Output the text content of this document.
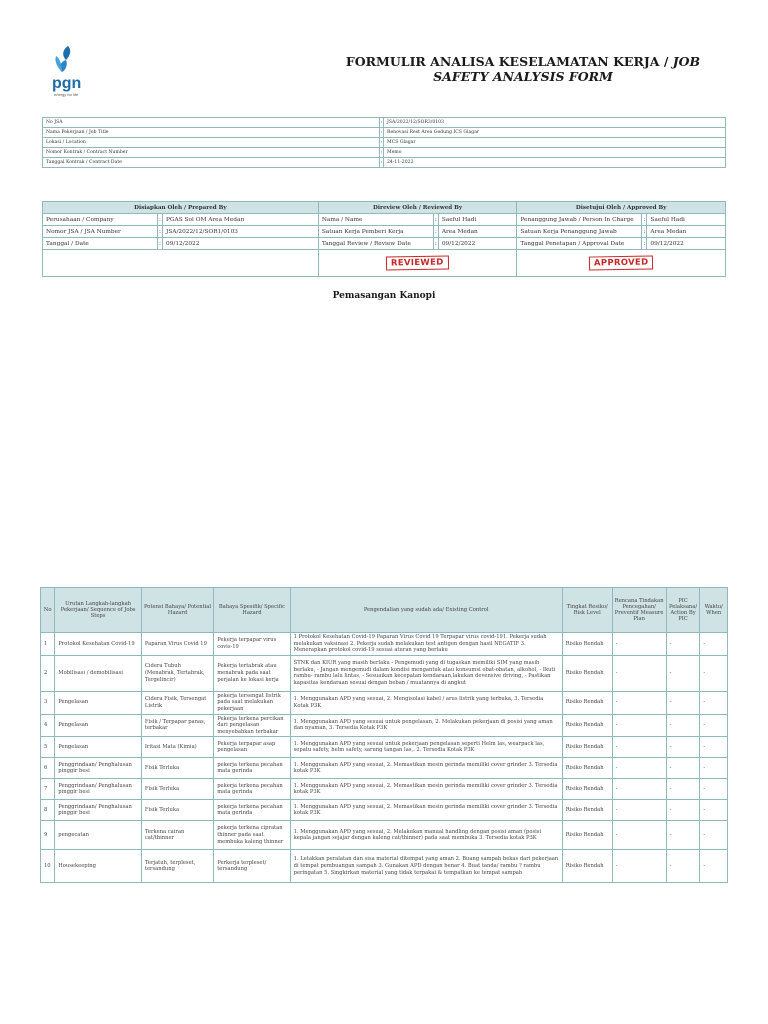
pgn
energy for life
FORMULIR ANALISA KESELAMATAN KERJA / JOB SAFETY ANALYSIS FORM
No JSA	:	JSA/2022/12/SOR3/0103
Nama Pekerjaan / Job Title	:	Renovasi Rest Area Gedung ICS Glagar
Lokasi / Location	:	MCS Glagar
Nomor Kontrak / Contract Number	:	Memo
Tanggal Kontrak / Contract Date	:	24-11-2022
Disiapkan Oleh / Prepared By			Direview Oleh / Reviewed By			Disetujui Oleh / Approved By		
Perusahaan / Company	:	PGAS Sol OM Area Medan	Nama / Name	:	Saeful Hadi	Penanggung Jawab / Person In Charge	:	Saeful Hadi
Nomor JSA / JSA Number	:	JSA/2022/12/SOR1/0103	Satuan Kerja Pemberi Kerja	:	Area Medan	Satuan Kerja Penanggung Jawab	:	Area Medan
Tanggal / Date	:	09/12/2022	Tanggal Review / Review Date	:	09/12/2022	Tanggal Penetapan / Approval Date	:	09/12/2022
			REVIEWED			APPROVED		
Pemasangan Kanopi
No	Urutan Langkah-langkah Pekerjaan/ Sequence of Jobs Steps	Potensi Bahaya/ Potential Hazard	Bahaya Spesifik/ Specific Hazard	Pengendalian yang sudah ada/ Existing Control	Tingkat Resiko/ Risk Level	Rencana Tindakan Pencegahan/ Preventif Measure Plan	PIC Pelaksana/ Action By PIC	Waktu/ When
1	Protokol Kesehatan Covid-19	Paparan Virus Covid 19	Pekerja terpapar virus covis-19	1 Protokol Kesehatan Covid-19 Paparan Virus Covid 19 Terpapar virus covid-191. Pekerja sudah melakukan vaksinasi 2. Pekerja sudah melakukan test antigen dengan hasil NEGATIF 3. Menerapkan protokol covid-19 sesuai aturan yang berlaku	Risiko Rendah	-	-	-
2	Mobilisasi / demobilisasi	Cidera Tubuh (Menabrak, Tertabrak, Tergelincir)	Pekerja tertabrak atau menabrak pada saat perjalan ke lokasi kerja	STNK dan KIUR yang masih berlaku - Pengemudi yang di tugaskan memiliki SIM yang masih berlaku, - Jangan mengemudi dalam kondisi mengantuk atau konsumsi obat-obatan, alkohol, - Ikuti rambu- rambu lalu lintas, - Sesuaikan kecepatan kendaraan,lakukan devensive driving, - Pastikan kapasitas kendaraan sesuai dengan beban / muatannya di angkut	Risiko Rendah	-	-	-
3	Pengelasan	Cidera Fisik, Tersengat Listrik	pekerja tersengat listrik pada saat melakukan pekerjaan	1. Menggunakan APD yang sesuai, 2. Mengisolasi kabel / arus listrik yang terbuka, 3. Tersedia Kotak P3K	Risiko Rendah	-	-	-
4	Pengelasan	Fisik / Terpapar panas, terbakar	Pekerja terkena percikan dari pengelasan menyebabkan terbakar	1. Menggunakan APD yang sesuai untuk pengelasan, 2. Melakukan pekerjaan di posisi yang aman dan nyaman, 3. Tersedia Kotak P3K	Risiko Rendah	-	-	-
5	Pengelasan	Iritasi Mata (Kimia)	Pekerja terpapar asap pengelasan	1. Menggunakan APD yang sesuai untuk pekerjaan pengelasan seperti Helm las, wearpack las, sepatu safety, helm safety, sarung tangan las,. 2. Tersedia Kotak P3K	Risiko Rendah	-	-	-
6	Penggrindaan/ Penghalusan pinggir besi	Fisik Terluka	pekerja terkena pecahan mata gerinda	1. Menggunakan APD yang sesuai, 2. Memastikan mesin gerinda memiliki cover grinder 3. Tersedia kotak P3K	Risiko Rendah	-	-	-
7	Penggrindaan/ Penghalusan pinggir besi	Fisik Terluka	pekerja terkena pecahan mata gerinda	1. Menggunakan APD yang sesuai, 2. Memastikan mesin gerinda memiliki cover grinder 3. Tersedia kotak P3K	Risiko Rendah	-	-	-
8	Penggrindaan/ Penghalusan pinggir besi	Fisik Terluka	pekerja terkena pecahan mata gerinda	1. Menggunakan APD yang sesuai, 2. Memastikan mesin gerinda memiliki cover grinder 3. Tersedia kotak P3K	Risiko Rendah	-	-	-
9	pengecatan	Terkena cairan cat/thinner	pekerja terkena cipratan thinner pada saat membuka kaleng thinner	1. Menggunakan APD yang sesuai, 2. Melakukan manual handling dengan posisi aman (posisi kepala jangan sejajar dengan kaleng cat/thinner) pada saat membuka 3. Tersedia kotak P3K	Risiko Rendah	-	-	-
10	Housekeeping	Terjatuh, terpleset, tersandung	Perkerja terpleset/ tersandung	1. Letakkan peralatan dan sisa material ditempat yang aman 2. Buang sampah bekas dari pekerjaan di tempat pembuangan sampah 3. Gunakan APD dengan benar 4. Buat tanda/ rambu ? rambu peringatan 5. Singkirkan material yang tidak terpakai & tempatkan ke tempat sampah	Risiko Rendah	-	-	-
